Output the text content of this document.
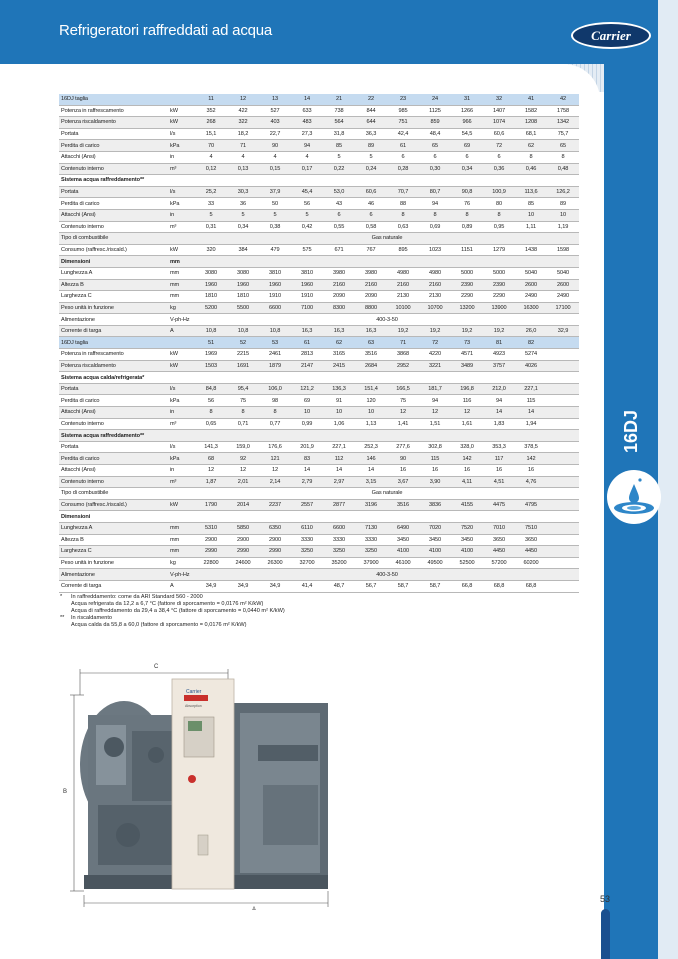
Refrigeratori raffreddati ad acqua	Carrier
16DJ
16DJ taglia		11	12	13	14	21	22	23	24	31	32	41	42
Potenza in raffrescamento	kW	352	422	527	633	738	844	985	1125	1266	1407	1582	1758
Potenza riscaldamento	kW	268	322	403	483	564	644	751	859	966	1074	1208	1342
Portata	l/s	15,1	18,2	22,7	27,3	31,8	36,3	42,4	48,4	54,5	60,6	68,1	75,7
Perdita di carico	kPa	70	71	90	94	85	89	61	65	69	72	62	65
Attacchi (Ansi)	in	4	4	4	4	5	5	6	6	6	6	8	8
Contenuto interno	m³	0,12	0,13	0,15	0,17	0,22	0,24	0,28	0,30	0,34	0,36	0,46	0,48
Sistema acqua raffreddamento**													
Portata	l/s	25,2	30,3	37,9	45,4	53,0	60,6	70,7	80,7	90,8	100,9	113,6	126,2
Perdita di carico	kPa	33	36	50	56	43	46	88	94	76	80	85	89
Attacchi (Ansi)	in	5	5	5	5	6	6	8	8	8	8	10	10
Contenuto interno	m³	0,31	0,34	0,38	0,42	0,55	0,58	0,63	0,69	0,89	0,95	1,11	1,19
Tipo di combustibile		Gas naturale											
Consumo (raffresc./riscald.)	kW	320	384	479	575	671	767	895	1023	1151	1279	1438	1598
Dimensioni	mm												
Lunghezza A	mm	3080	3080	3810	3810	3980	3980	4980	4980	5000	5000	5040	5040
Altezza B	mm	1960	1960	1960	1960	2160	2160	2160	2160	2390	2390	2600	2600
Larghezza C	mm	1810	1810	1910	1910	2090	2090	2130	2130	2290	2290	2490	2490
Peso unità in funzione	kg	5200	5500	6600	7100	8300	8800	10100	10700	13200	13900	16300	17100
Alimentazione	V-ph-Hz	400-3-50											
Corrente di targa	A	10,8	10,8	10,8	16,3	16,3	16,3	19,2	19,2	19,2	19,2	26,0	32,9
16DJ taglia		51	52	53	61	62	63	71	72	73	81	82	
Potenza in raffrescamento	kW	1969	2215	2461	2813	3165	3516	3868	4220	4571	4923	5274	
Potenza riscaldamento	kW	1503	1691	1879	2147	2415	2684	2952	3221	3489	3757	4026	
Sistema acqua calda/refrigerata*													
Portata	l/s	84,8	95,4	106,0	121,2	136,3	151,4	166,5	181,7	196,8	212,0	227,1	
Perdita di carico	kPa	56	75	98	69	91	120	75	94	116	94	115	
Attacchi (Ansi)	in	8	8	8	10	10	10	12	12	12	14	14	
Contenuto interno	m³	0,65	0,71	0,77	0,99	1,06	1,13	1,41	1,51	1,61	1,83	1,94	
Sistema acqua raffreddamento**													
Portata	l/s	141,3	159,0	176,6	201,9	227,1	252,3	277,6	302,8	328,0	353,3	378,5	
Perdita di carico	kPa	68	92	121	83	112	146	90	115	142	117	142	
Attacchi (Ansi)	in	12	12	12	14	14	14	16	16	16	16	16	
Contenuto interno	m³	1,87	2,01	2,14	2,79	2,97	3,15	3,67	3,90	4,11	4,51	4,76	
Tipo di combustibile		Gas naturale											
Consumo (raffresc./riscald.)	kW	1790	2014	2237	2557	2877	3196	3516	3836	4155	4475	4795	
Dimensioni													
Lunghezza A	mm	5310	5850	6350	6110	6600	7130	6490	7020	7520	7010	7510	
Altezza B	mm	2900	2900	2900	3330	3330	3330	3450	3450	3450	3650	3650	
Larghezza C	mm	2990	2990	2990	3250	3250	3250	4100	4100	4100	4450	4450	
Peso unità in funzione	kg	22800	24600	26300	32700	35200	37900	46100	49500	52500	57200	60200	
Alimentazione	V-ph-Hz	400-3-50											
Corrente di targa	A	34,9	34,9	34,9	41,4	48,7	56,7	58,7	58,7	66,8	68,8	68,8	
* In raffreddamento: come da ARI Standard 560 - 2000
Acqua refrigerata da 12,2 a 6,7 °C (fattore di sporcamento = 0,0176 m² K/kW)
Acqua di raffreddamento da 29,4 a 38,4 °C (fattore di sporcamento = 0,0440 m² K/kW)
** In riscaldamento
Acqua calda da 55,8 a 60,0 (fattore di sporcamento = 0,0176 m² K/kW)
C
B
A
Carrier
Absorption
53
